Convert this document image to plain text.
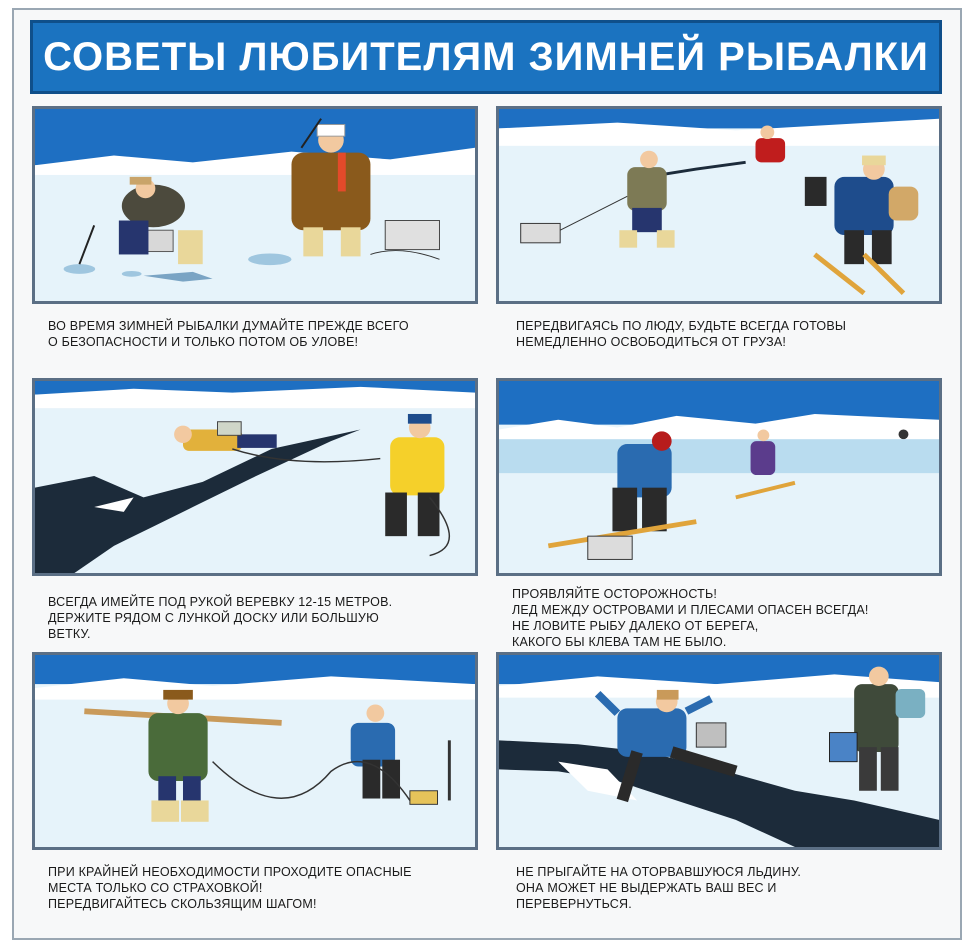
СОВЕТЫ ЛЮБИТЕЛЯМ ЗИМНЕЙ РЫБАЛКИ
ВО ВРЕМЯ ЗИМНЕЙ РЫБАЛКИ ДУМАЙТЕ ПРЕЖДЕ ВСЕГО
О БЕЗОПАСНОСТИ И ТОЛЬКО ПОТОМ ОБ УЛОВЕ!
ПЕРЕДВИГАЯСЬ ПО ЛЮДУ, БУДЬТЕ ВСЕГДА ГОТОВЫ
НЕМЕДЛЕННО ОСВОБОДИТЬСЯ ОТ ГРУЗА!
ВСЕГДА ИМЕЙТЕ ПОД РУКОЙ ВЕРЕВКУ 12-15 МЕТРОВ.
ДЕРЖИТЕ РЯДОМ С ЛУНКОЙ ДОСКУ ИЛИ БОЛЬШУЮ
ВЕТКУ.
ПРОЯВЛЯЙТЕ ОСТОРОЖНОСТЬ!
ЛЕД МЕЖДУ ОСТРОВАМИ И ПЛЕСАМИ ОПАСЕН ВСЕГДА!
НЕ ЛОВИТЕ РЫБУ ДАЛЕКО ОТ БЕРЕГА,
КАКОГО БЫ КЛЕВА ТАМ НЕ БЫЛО.
ПРИ КРАЙНЕЙ НЕОБХОДИМОСТИ ПРОХОДИТЕ ОПАСНЫЕ
МЕСТА ТОЛЬКО СО СТРАХОВКОЙ!
ПЕРЕДВИГАЙТЕСЬ СКОЛЬЗЯЩИМ ШАГОМ!
НЕ ПРЫГАЙТЕ НА ОТОРВАВШУЮСЯ ЛЬДИНУ.
ОНА МОЖЕТ НЕ ВЫДЕРЖАТЬ ВАШ ВЕС И
ПЕРЕВЕРНУТЬСЯ.
